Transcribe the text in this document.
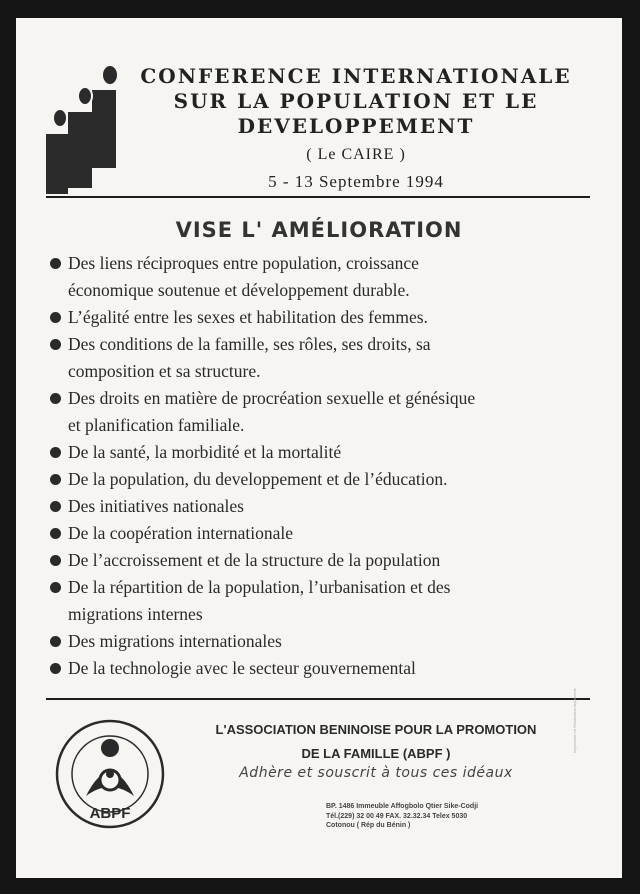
CONFERENCE INTERNATIONALE
SUR LA POPULATION ET LE
DEVELOPPEMENT
( Le CAIRE )
5 - 13 Septembre 1994
VISE L' AMÉLIORATION
Des liens réciproques entre population, croissance
économique soutenue et développement durable.
L’égalité entre les sexes et habilitation des femmes.
Des conditions de la famille, ses rôles, ses droits, sa
composition et sa structure.
Des droits en matière de procréation sexuelle et génésique
et planification familiale.
De la santé, la morbidité et la mortalité
De la population, du developpement et de l’éducation.
Des initiatives nationales
De la coopération internationale
De l’accroissement et de la structure de la population
De la répartition de la population, l’urbanisation et des
migrations internes
Des migrations internationales
De la technologie avec le secteur gouvernemental
ABPF
L'ASSOCIATION BENINOISE POUR LA PROMOTION
DE LA FAMILLE (ABPF )
Adhère et souscrit à tous ces idéaux
BP. 1486 Immeuble Affogbolo Qtier Sike-Codji
Tél.(229) 32 00 49 FAX. 32.32.34 Telex 5030
Cotonou ( Rép du Bénin )
Impression et Réalisation Imprimerie
